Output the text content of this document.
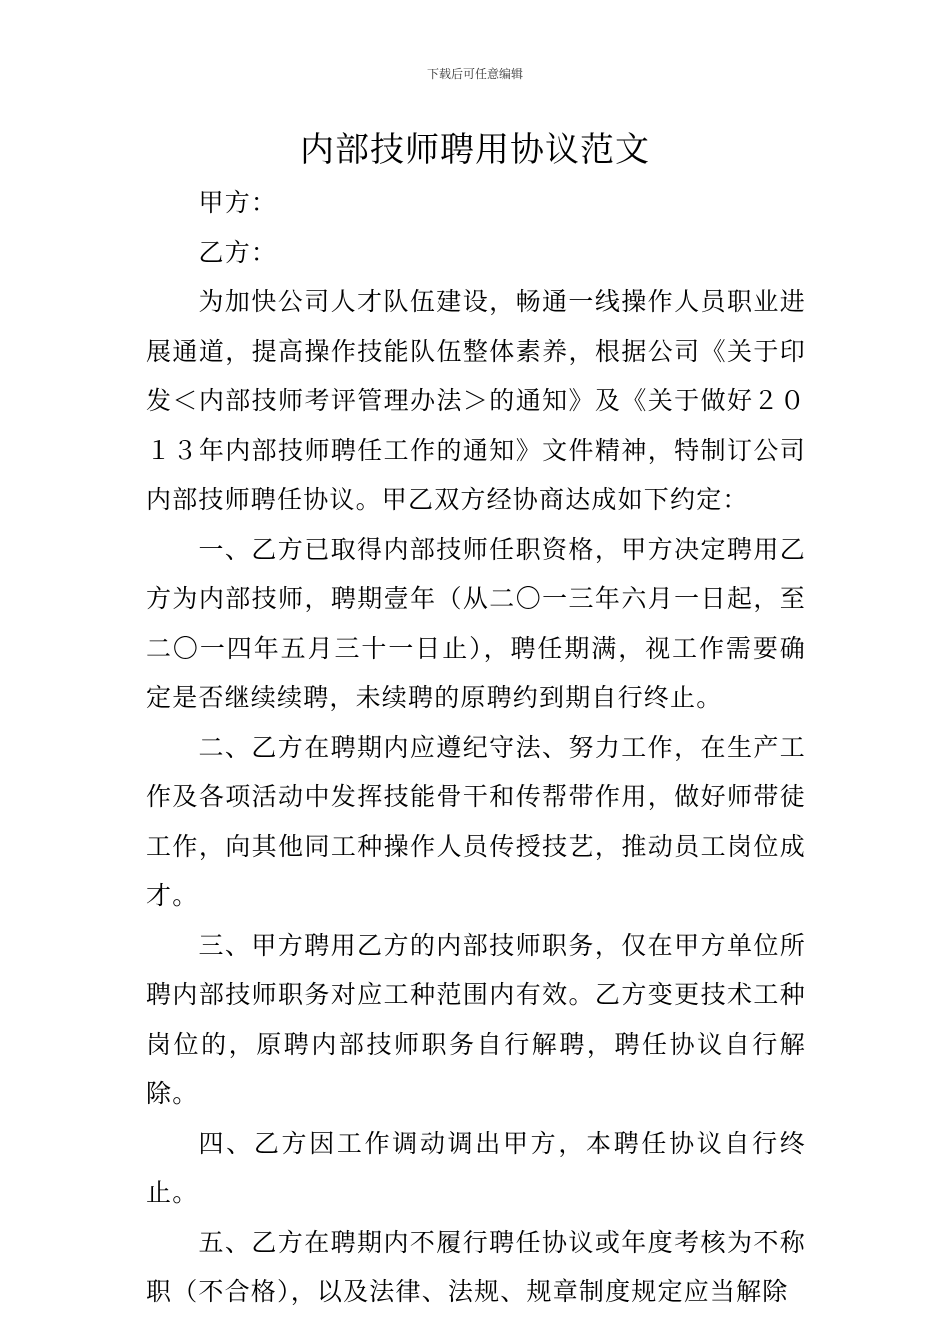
下载后可任意编辑
内部技师聘用协议范文

甲方：

乙方：

为加快公司人才队伍建设，畅通一线操作人员职业进展通道，提高操作技能队伍整体素养，根据公司《关于印发＜内部技师考评管理办法＞的通知》及《关于做好２０１３年内部技师聘任工作的通知》文件精神，特制订公司内部技师聘任协议。甲乙双方经协商达成如下约定：

一、乙方已取得内部技师任职资格，甲方决定聘用乙方为内部技师，聘期壹年（从二〇一三年六月一日起，至二〇一四年五月三十一日止），聘任期满，视工作需要确定是否继续续聘，未续聘的原聘约到期自行终止。

二、乙方在聘期内应遵纪守法、努力工作，在生产工作及各项活动中发挥技能骨干和传帮带作用，做好师带徒工作，向其他同工种操作人员传授技艺，推动员工岗位成才。

三、甲方聘用乙方的内部技师职务，仅在甲方单位所聘内部技师职务对应工种范围内有效。乙方变更技术工种岗位的，原聘内部技师职务自行解聘，聘任协议自行解除。

四、乙方因工作调动调出甲方，本聘任协议自行终止。

五、乙方在聘期内不履行聘任协议或年度考核为不称职（不合格），以及法律、法规、规章制度规定应当解除
